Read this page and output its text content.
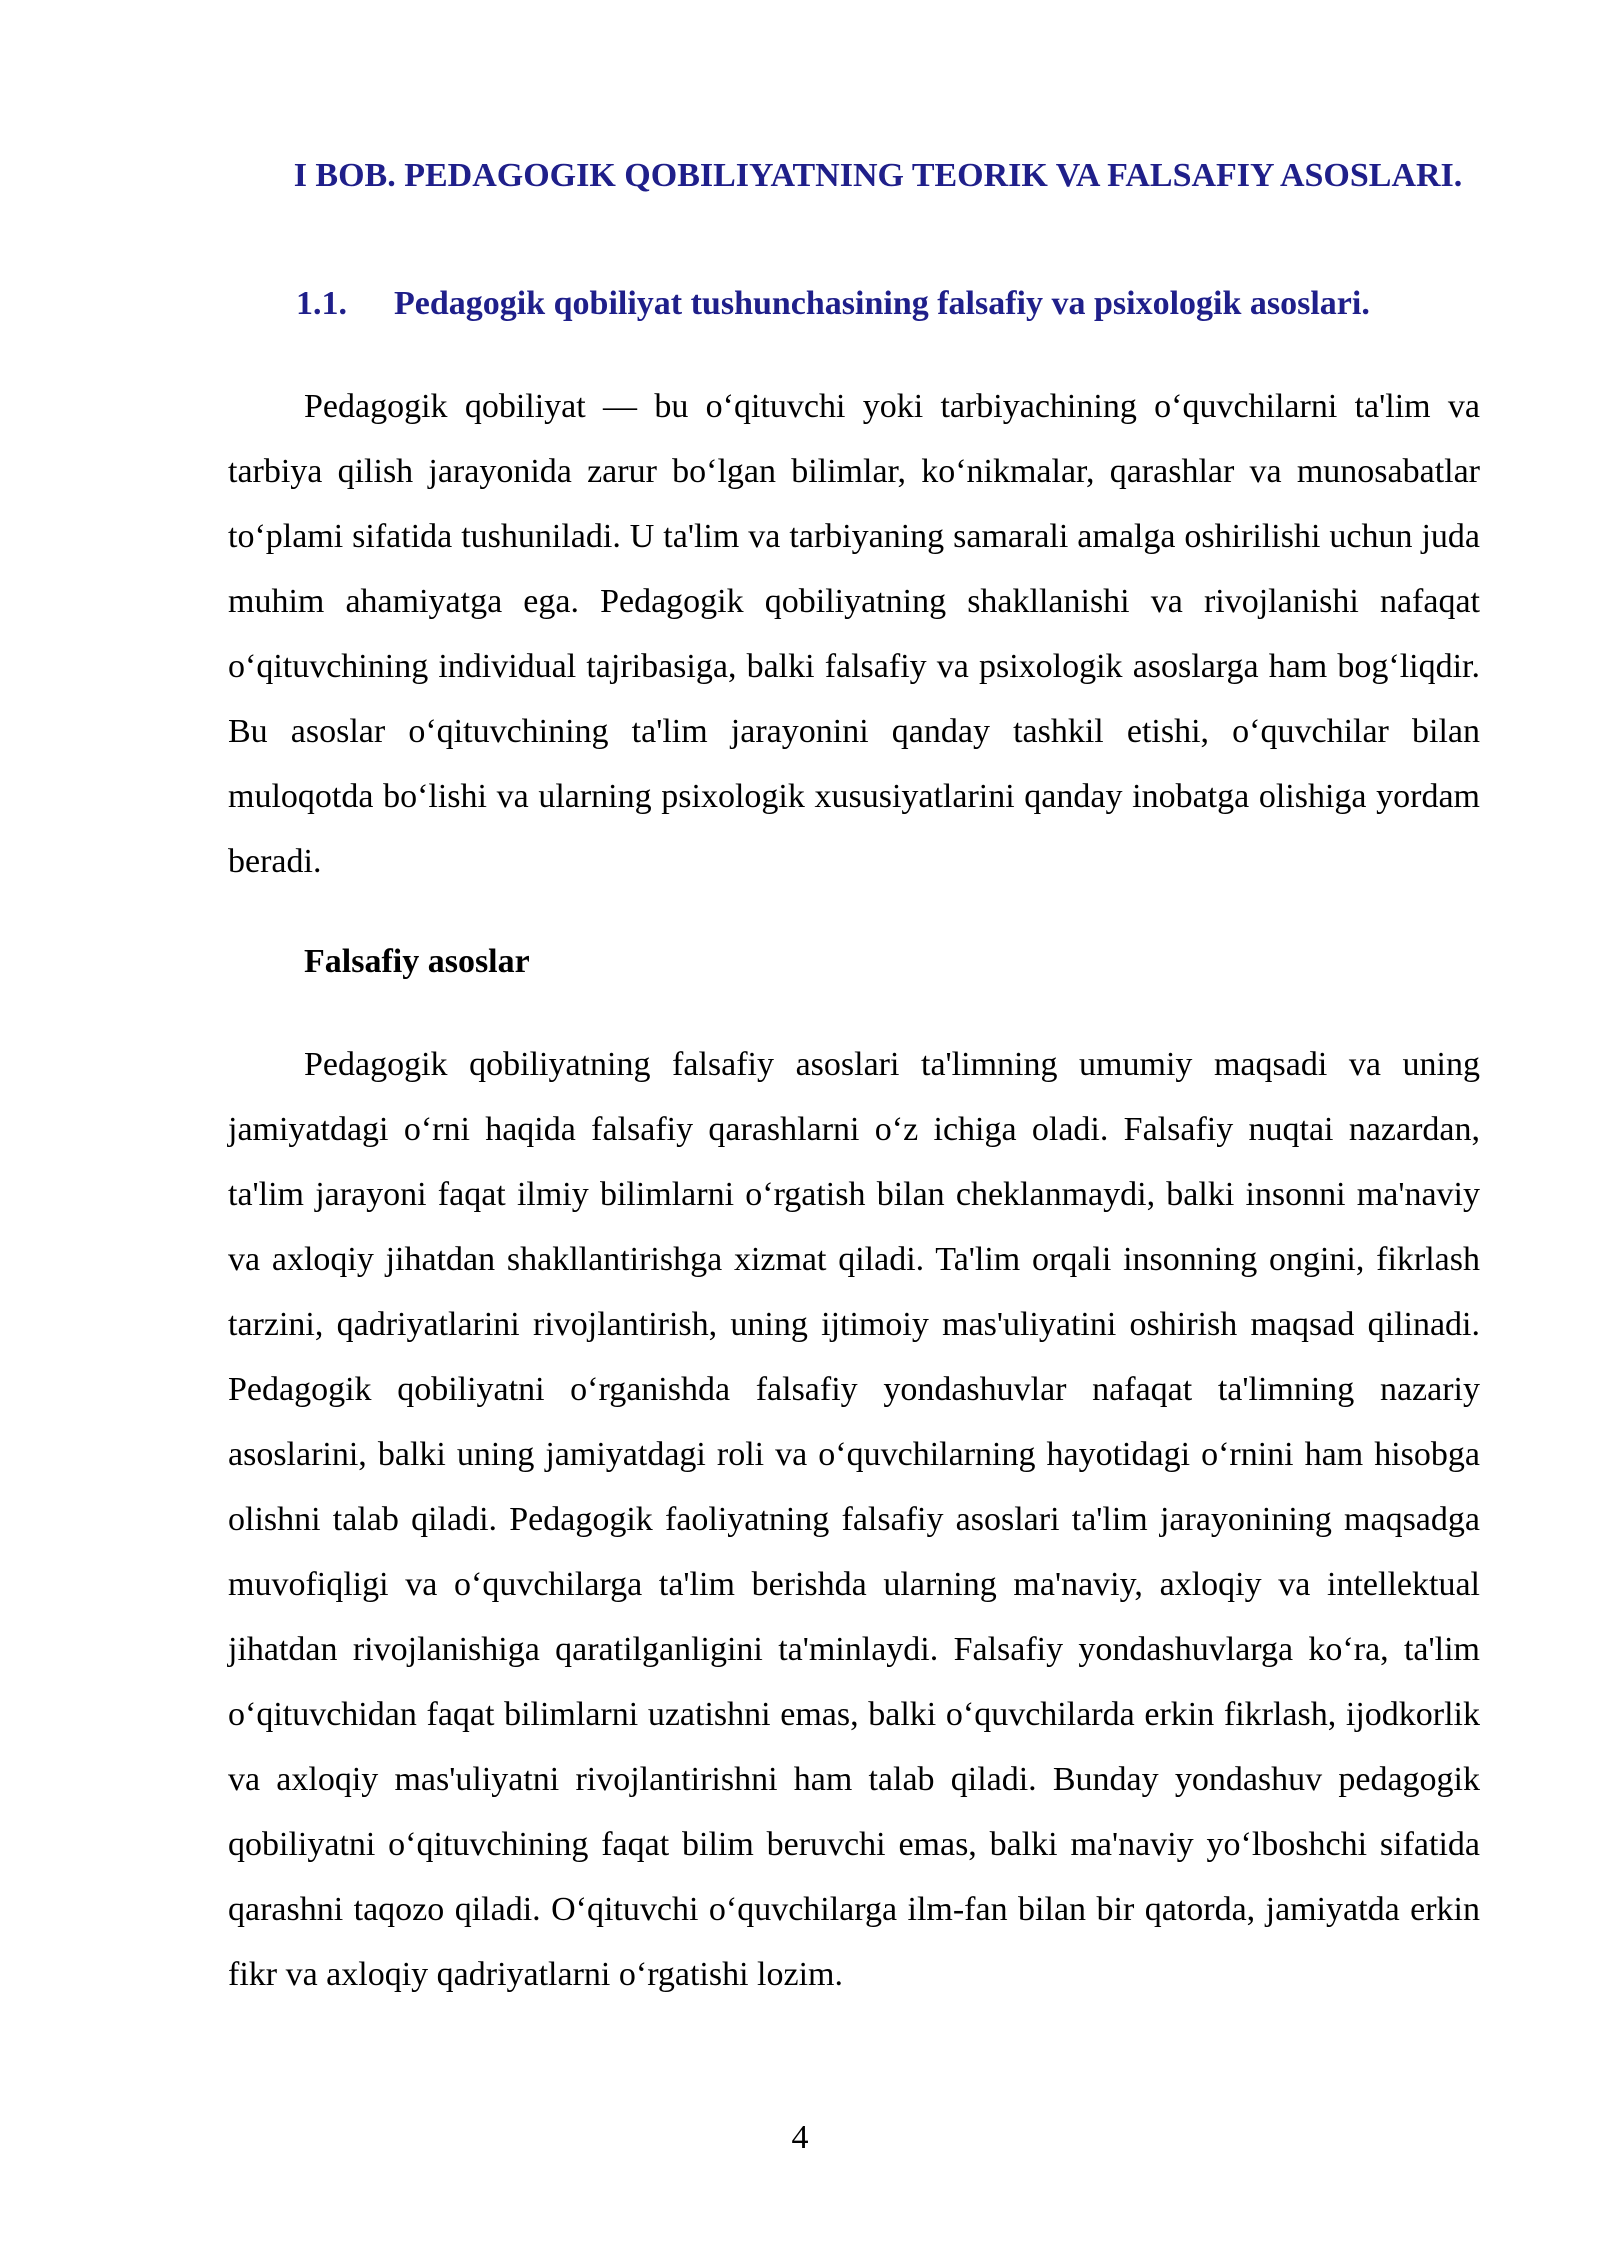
I BOB. PEDAGOGIK QOBILIYATNING TEORIK VA FALSAFIY ASOSLARI.
1.1. Pedagogik qobiliyat tushunchasining falsafiy va psixologik asoslari.

Pedagogik qobiliyat — bu o‘qituvchi yoki tarbiyachining o‘quvchilarni ta'lim va tarbiya qilish jarayonida zarur bo‘lgan bilimlar, ko‘nikmalar, qarashlar va munosabatlar to‘plami sifatida tushuniladi. U ta'lim va tarbiyaning samarali amalga oshirilishi uchun juda muhim ahamiyatga ega. Pedagogik qobiliyatning shakllanishi va rivojlanishi nafaqat o‘qituvchining individual tajribasiga, balki falsafiy va psixologik asoslarga ham bog‘liqdir. Bu asoslar o‘qituvchining ta'lim jarayonini qanday tashkil etishi, o‘quvchilar bilan muloqotda bo‘lishi va ularning psixologik xususiyatlarini qanday inobatga olishiga yordam beradi.

Falsafiy asoslar

Pedagogik qobiliyatning falsafiy asoslari ta'limning umumiy maqsadi va uning jamiyatdagi o‘rni haqida falsafiy qarashlarni o‘z ichiga oladi. Falsafiy nuqtai nazardan, ta'lim jarayoni faqat ilmiy bilimlarni o‘rgatish bilan cheklanmaydi, balki insonni ma'naviy va axloqiy jihatdan shakllantirishga xizmat qiladi. Ta'lim orqali insonning ongini, fikrlash tarzini, qadriyatlarini rivojlantirish, uning ijtimoiy mas'uliyatini oshirish maqsad qilinadi. Pedagogik qobiliyatni o‘rganishda falsafiy yondashuvlar nafaqat ta'limning nazariy asoslarini, balki uning jamiyatdagi roli va o‘quvchilarning hayotidagi o‘rnini ham hisobga olishni talab qiladi. Pedagogik faoliyatning falsafiy asoslari ta'lim jarayonining maqsadga muvofiqligi va o‘quvchilarga ta'lim berishda ularning ma'naviy, axloqiy va intellektual jihatdan rivojlanishiga qaratilganligini ta'minlaydi. Falsafiy yondashuvlarga ko‘ra, ta'lim o‘qituvchidan faqat bilimlarni uzatishni emas, balki o‘quvchilarda erkin fikrlash, ijodkorlik va axloqiy mas'uliyatni rivojlantirishni ham talab qiladi. Bunday yondashuv pedagogik qobiliyatni o‘qituvchining faqat bilim beruvchi emas, balki ma'naviy yo‘lboshchi sifatida qarashni taqozo qiladi. O‘qituvchi o‘quvchilarga ilm-fan bilan bir qatorda, jamiyatda erkin fikr va axloqiy qadriyatlarni o‘rgatishi lozim.

4
